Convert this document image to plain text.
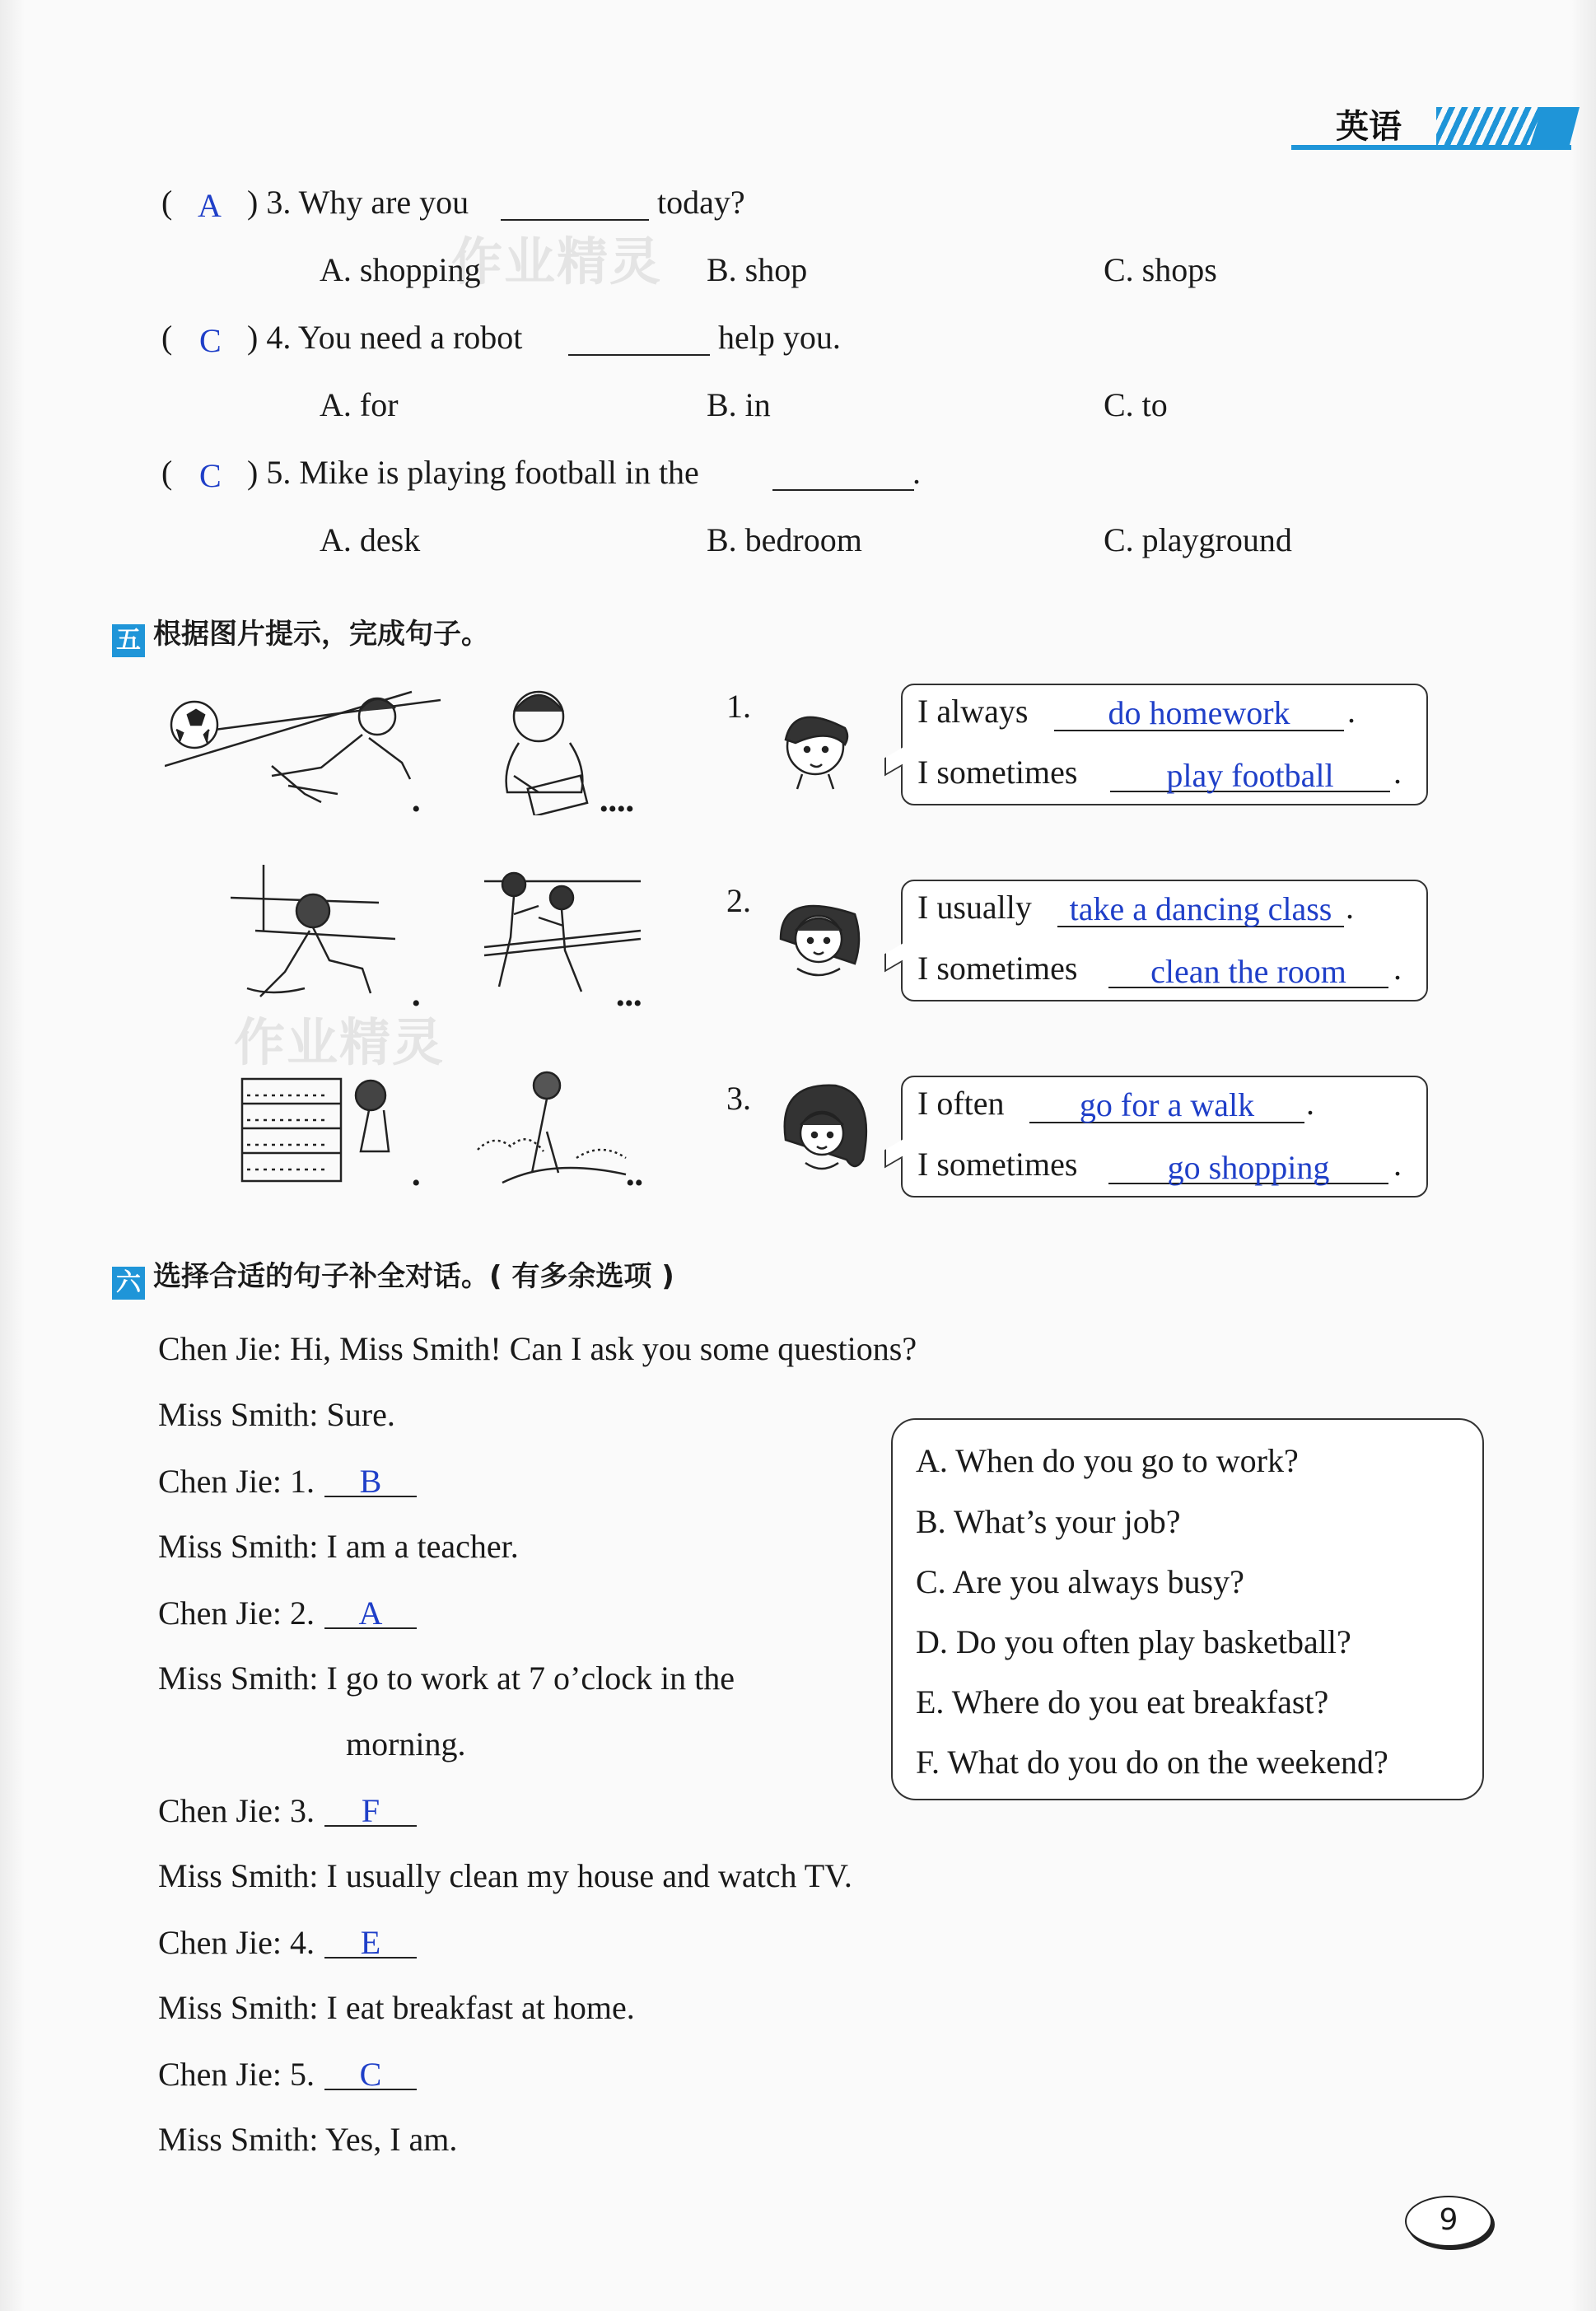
英语
( A ) 3. Why are you	today?
A. shopping	B. shop	C. shops
( C ) 4. You need a robot	help you.
A. for	B. in	C. to
( C ) 5. Mike is playing football in the	.
A. desk	B. bedroom	C. playground
五 根据图片提示，完成句子。
1.
•	••••
I always	do homework	.
I sometimes	play football	.
2.
•	•••
I usually	take a dancing class .
I sometimes	clean the room	.
3.
•	••
I often	go for a walk	.
I sometimes	go shopping	.
六 选择合适的句子补全对话。( 有多余选项 )
A. When do you go to work?
B. What’s your job?
C. Are you always busy?
D. Do you often play basketball?
E. Where do you eat breakfast?
F. What do you do on the weekend?
Chen Jie: Hi, Miss Smith! Can I ask you some questions?
Miss Smith: Sure.
Chen Jie: 1. B
Miss Smith: I am a teacher.
Chen Jie: 2. A
Miss Smith: I go to work at 7 o’clock in the
morning.
Chen Jie: 3. F
Miss Smith: I usually clean my house and watch TV.
Chen Jie: 4. E
Miss Smith: I eat breakfast at home.
Chen Jie: 5. C
Miss Smith: Yes, I am.
作业精灵
作业精灵
9
